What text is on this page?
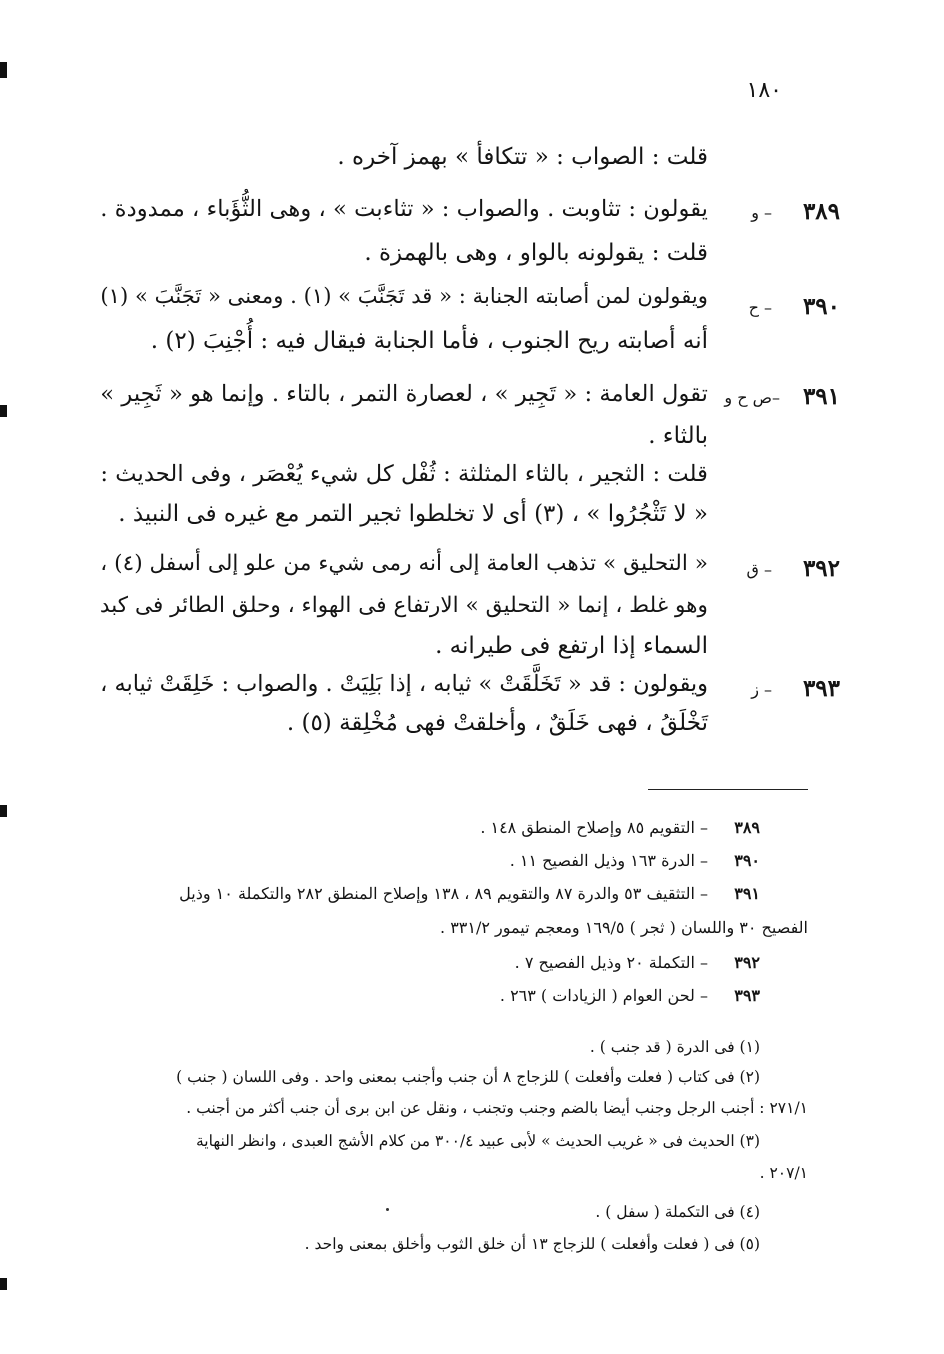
١٨٠
قلت : الصواب : « تتكافأ » بهمز آخره .
٣٨٩
– و
يقولون : تثاوبت . والصواب : « تثاءبت » ، وهى الثُّؤَباء ، ممدودة .
قلت : يقولونه بالواو ، وهى بالهمزة .
٣٩٠
– ح
ويقولون لمن أصابته الجنابة : « قد تَجَنَّبَ » (١) . ومعنى « تَجَنَّبَ » (١)
أنه أصابته ريح الجنوب ، فأما الجنابة فيقال فيه : أُجْنِبَ (٢) .
٣٩١
–ص ح و
تقول العامة : « تَجِير » ، لعصارة التمر ، بالتاء . وإنما هو « ثَجِير »
بالثاء .
قلت : الثجير ، بالثاء المثلثة : ثُفْل كل شيء يُعْصَر ، وفى الحديث :
« لا تَثْجُرُوا » ، (٣) أى لا تخلطوا ثجير التمر مع غيره فى النبيذ .
٣٩٢
– ق
« التحليق » تذهب العامة إلى أنه رمى شيء من علو إلى أسفل (٤) ،
وهو غلط ، إنما « التحليق » الارتفاع فى الهواء ، وحلق الطائر فى كبد
السماء إذا ارتفع فى طيرانه .
٣٩٣
– ز
ويقولون : قد « تَخَلَّقَتْ » ثيابه ، إذا بَلِيَتْ . والصواب : خَلِقَتْ ثيابه ،
تَخْلَقُ ، فهى خَلَقٌ ، وأخلقتْ فهى مُخْلِقة (٥) .
٣٨٩
– التقويم ٨٥ وإصلاح المنطق ١٤٨ .
٣٩٠
– الدرة ١٦٣ وذيل الفصيح ١١ .
٣٩١
– التثقيف ٥٣ والدرة ٨٧ والتقويم ٨٩ ، ١٣٨ وإصلاح المنطق ٢٨٢ والتكملة ١٠ وذيل
الفصيح ٣٠ واللسان ( ثجر ) ١٦٩/٥ ومعجم تيمور ٣٣١/٢ .
٣٩٢
– التكملة ٢٠ وذيل الفصيح ٧ .
٣٩٣
– لحن العوام ( الزيادات ) ٢٦٣ .
(١) فى الدرة ( قد جنب ) .
(٢) فى كتاب ( فعلت وأفعلت ) للزجاج ٨ أن جنب وأجنب بمعنى واحد . وفى اللسان ( جنب )
٢٧١/١ : أجنب الرجل وجنب أيضا بالضم وجنب وتجنب ، ونقل عن ابن برى أن جنب أكثر من أجنب .
(٣) الحديث فى « غريب الحديث » لأبى عبيد ٣٠٠/٤ من كلام الأشج العبدى ، وانظر النهاية
٢٠٧/١ .
(٤) فى التكملة ( سفل ) .
(٥) فى ( فعلت وأفعلت ) للزجاج ١٣ أن خلق الثوب وأخلق بمعنى واحد .
